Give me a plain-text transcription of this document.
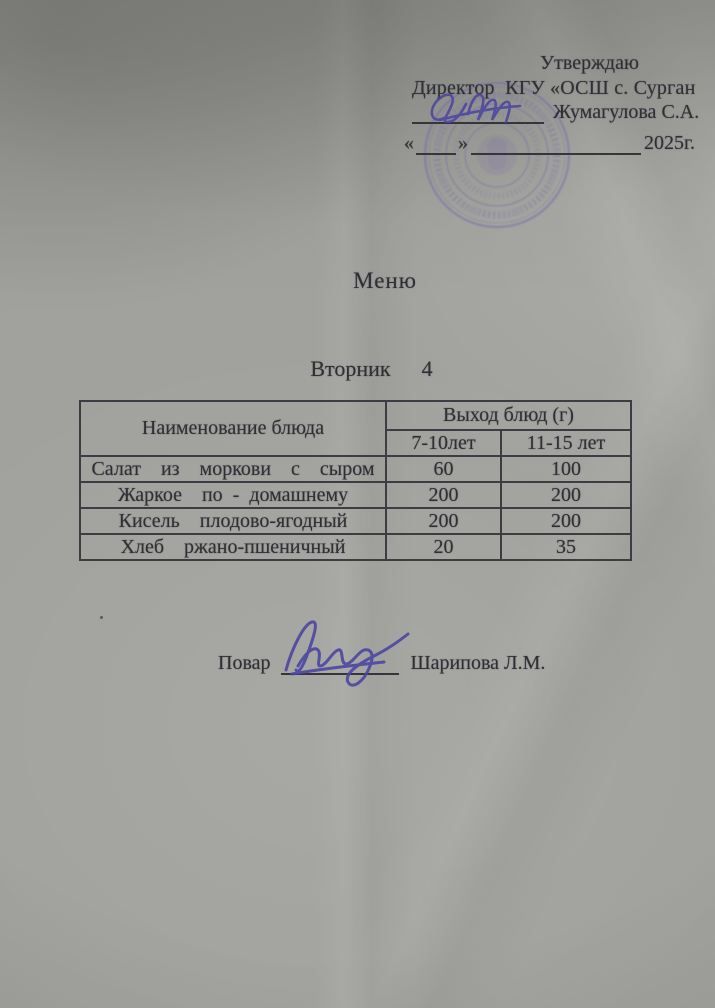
Утверждаю
Директор  КГУ «ОСШ с. Сурган
Жумагулова С.А.
« »	2025г.
Меню
Вторник  4
Наименование блюда	Выход блюд (г)	
	7-10лет	11-15 лет
Салат  из  моркови  с  сыром	60	100
Жаркое  по - домашнему	200	200
Кисель  плодово-ягодный	200	200
Хлеб  ржано-пшеничный	20	35
Повар	Шарипова Л.М.
